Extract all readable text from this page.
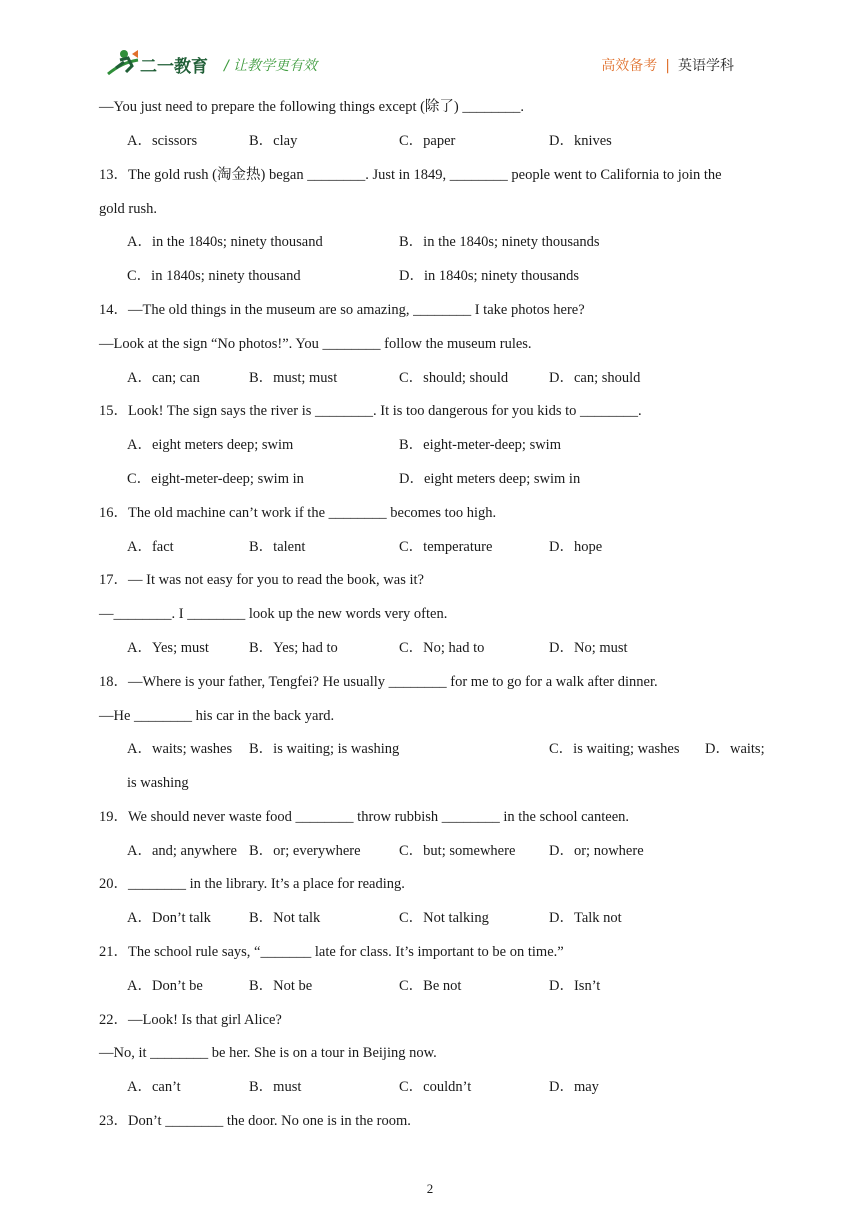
二一教育 / 让教学更有效	高效备考 | 英语学科
—You just need to prepare the following things except (除了) ________.
A．scissors	B．clay	C．paper	D．knives
13．The gold rush (淘金热) began ________. Just in 1849, ________ people went to California to join the
gold rush.
A．in the 1840s; ninety thousand	B．in the 1840s; ninety thousands
C．in 1840s; ninety thousand	D．in 1840s; ninety thousands
14．—The old things in the museum are so amazing, ________ I take photos here?
—Look at the sign “No photos!”. You ________ follow the museum rules.
A．can; can	B．must; must	C．should; should	D．can; should
15．Look! The sign says the river is ________. It is too dangerous for you kids to ________.
A．eight meters deep; swim	B．eight-meter-deep; swim
C．eight-meter-deep; swim in	D．eight meters deep; swim in
16．The old machine can’t work if the ________ becomes too high.
A．fact	B．talent	C．temperature	D．hope
17．— It was not easy for you to read the book, was it?
—________. I ________ look up the new words very often.
A．Yes; must	B．Yes; had to	C．No; had to	D．No; must
18．—Where is your father, Tengfei? He usually ________ for me to go for a walk after dinner.
—He ________ his car in the back yard.
A．waits; washes B．is waiting; is washing	C．is waiting; washes D．waits;
is washing
19．We should never waste food ________ throw rubbish ________ in the school canteen.
A．and; anywhere B．or; everywhere	C．but; somewhere D．or; nowhere
20．________ in the library. It’s a place for reading.
A．Don’t talk	B．Not talk	C．Not talking	D．Talk not
21．The school rule says, “_______ late for class. It’s important to be on time.”
A．Don’t be	B．Not be	C．Be not	D．Isn’t
22．—Look! Is that girl Alice?
—No, it ________ be her. She is on a tour in Beijing now.
A．can’t	B．must	C．couldn’t	D．may
23．Don’t ________ the door. No one is in the room.
2
